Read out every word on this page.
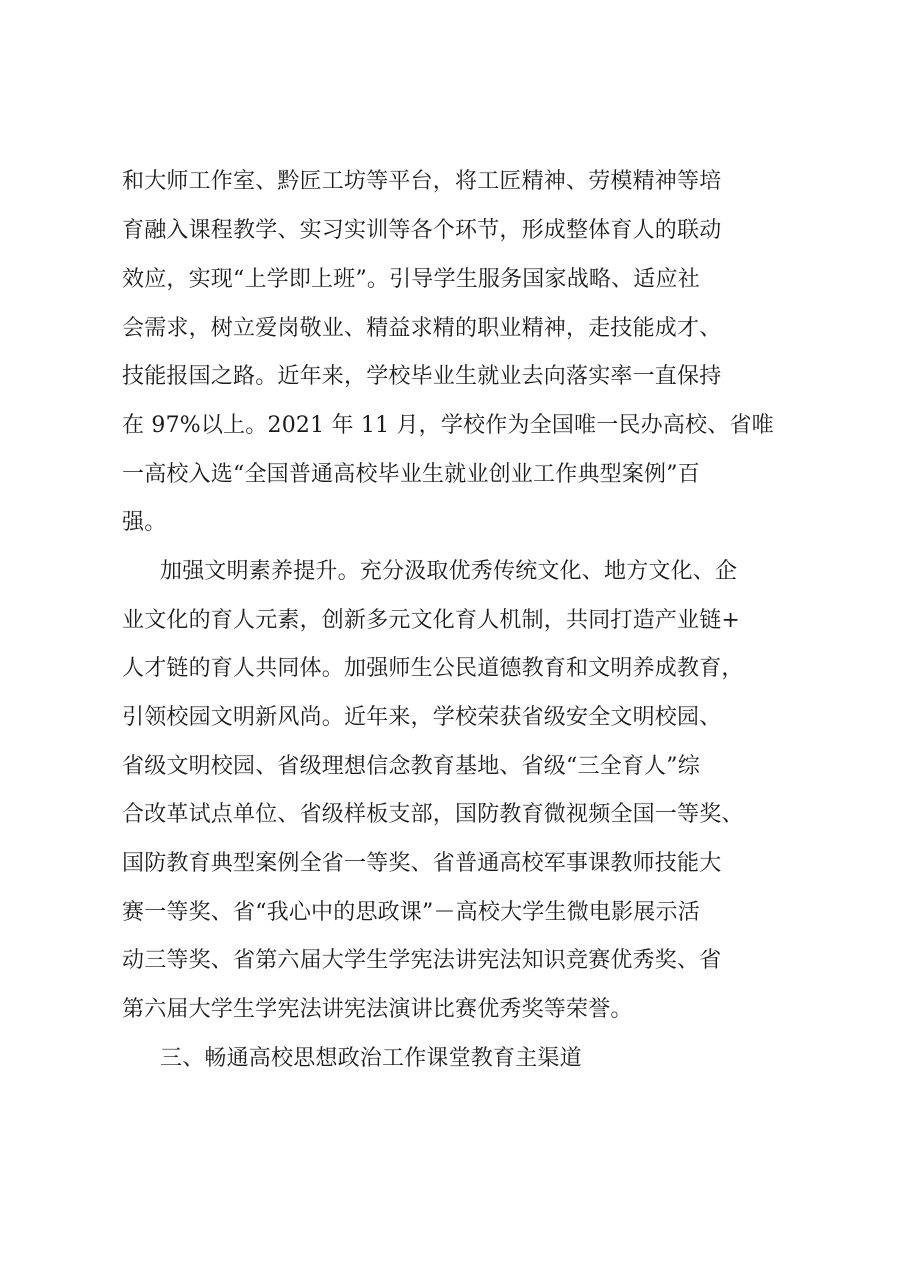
和大师工作室、黔匠工坊等平台，将工匠精神、劳模精神等培
育融入课程教学、实习实训等各个环节，形成整体育人的联动
效应，实现“上学即上班”。引导学生服务国家战略、适应社
会需求，树立爱岗敬业、精益求精的职业精神，走技能成才、
技能报国之路。近年来，学校毕业生就业去向落实率一直保持
在 97%以上。2021 年 11 月，学校作为全国唯一民办高校、省唯
一高校入选“全国普通高校毕业生就业创业工作典型案例”百
强。
加强文明素养提升。充分汲取优秀传统文化、地方文化、企
业文化的育人元素，创新多元文化育人机制，共同打造产业链+
人才链的育人共同体。加强师生公民道德教育和文明养成教育，
引领校园文明新风尚。近年来，学校荣获省级安全文明校园、
省级文明校园、省级理想信念教育基地、省级“三全育人”综
合改革试点单位、省级样板支部，国防教育微视频全国一等奖、
国防教育典型案例全省一等奖、省普通高校军事课教师技能大
赛一等奖、省“我心中的思政课”－高校大学生微电影展示活
动三等奖、省第六届大学生学宪法讲宪法知识竞赛优秀奖、省
第六届大学生学宪法讲宪法演讲比赛优秀奖等荣誉。
三、畅通高校思想政治工作课堂教育主渠道
